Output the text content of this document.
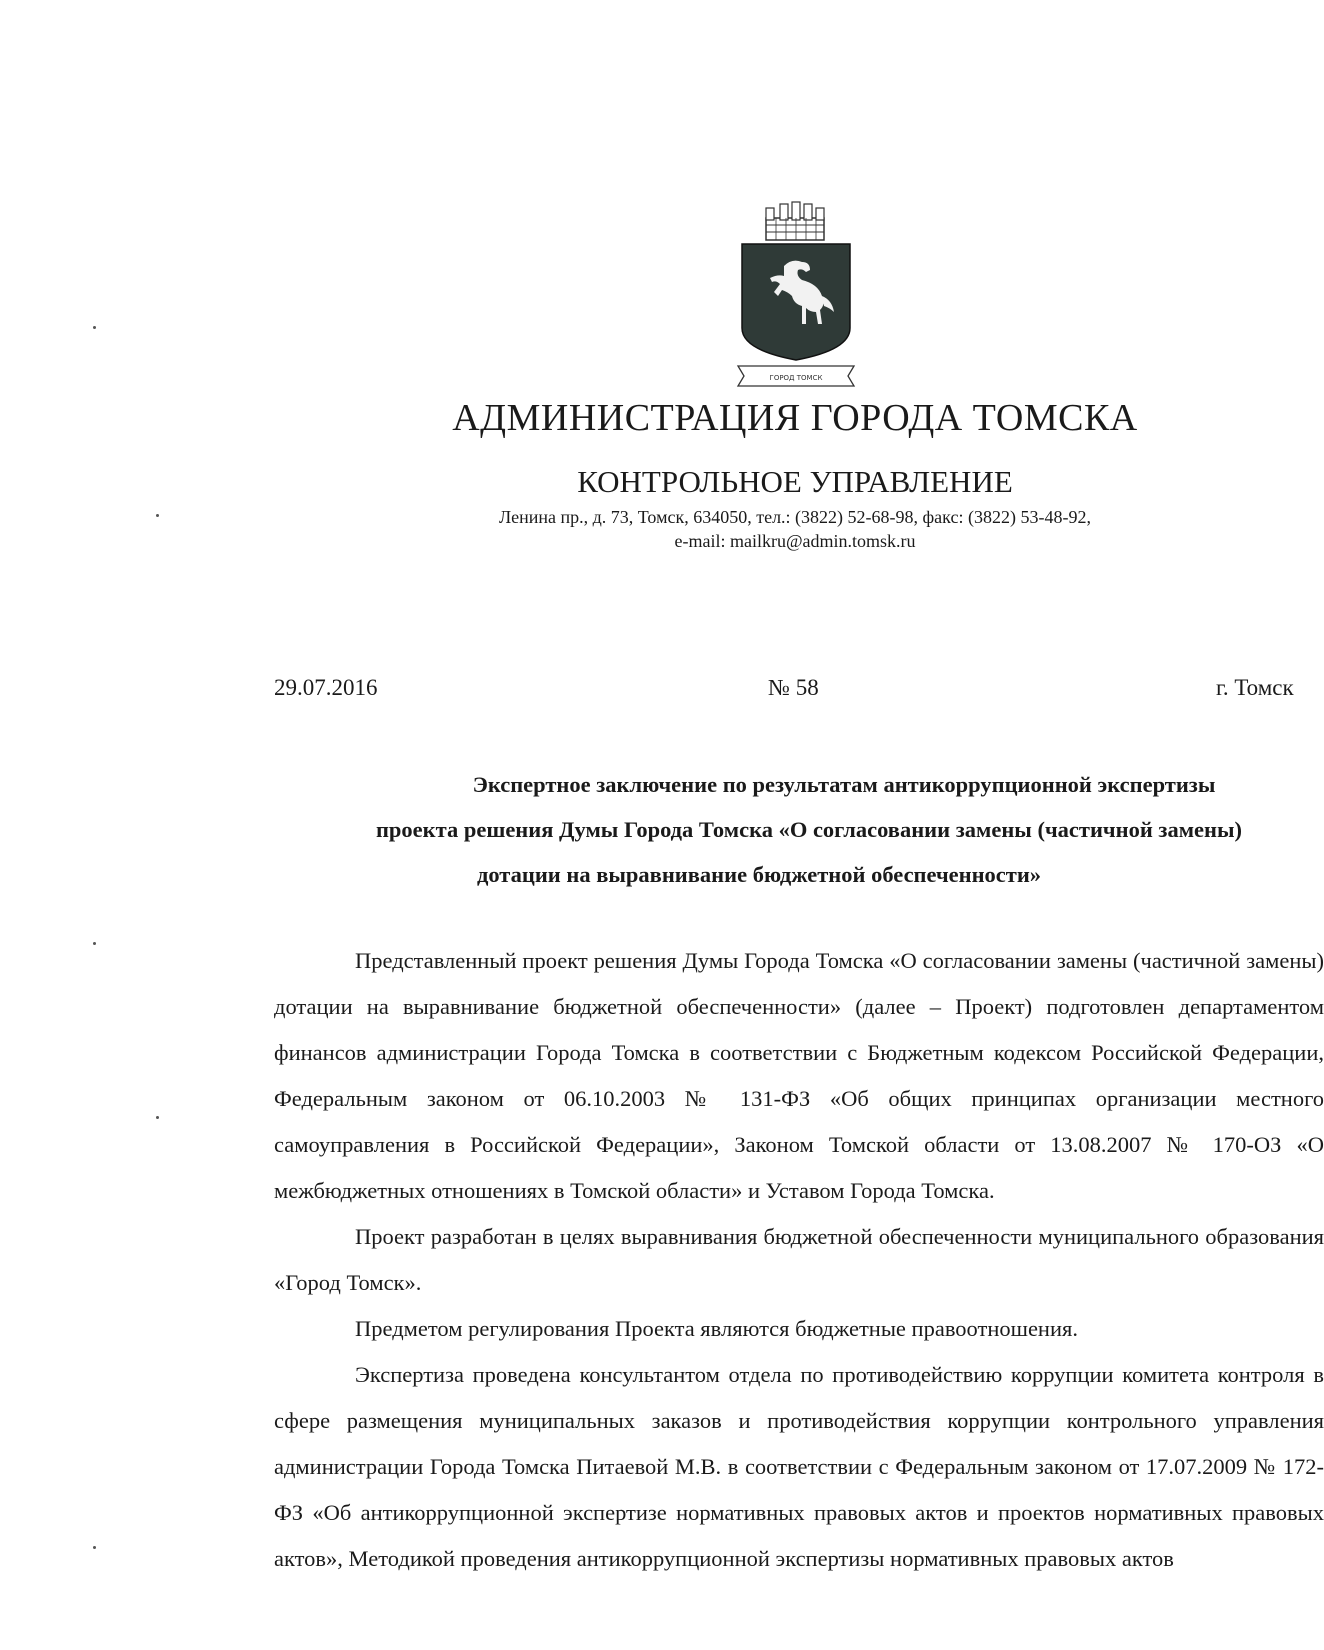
ГОРОД ТОМСК
АДМИНИСТРАЦИЯ ГОРОДА ТОМСКА
КОНТРОЛЬНОЕ УПРАВЛЕНИЕ
Ленина пр., д. 73, Томск, 634050, тел.: (3822) 52-68-98, факс: (3822) 53-48-92,
e-mail: mailkru@admin.tomsk.ru
29.07.2016	№ 58	г. Томск
Экспертное заключение по результатам антикоррупционной экспертизы
проекта решения Думы Города Томска «О согласовании замены (частичной замены)
дотации на выравнивание бюджетной обеспеченности»

Представленный проект решения Думы Города Томска «О согласовании замены (частичной замены) дотации на выравнивание бюджетной обеспеченности» (далее – Проект) подготовлен департаментом финансов администрации Города Томска в соответствии с Бюджетным кодексом Российской Федерации, Федеральным законом от 06.10.2003 № 131-ФЗ «Об общих принципах организации местного самоуправления в Российской Федерации», Законом Томской области от 13.08.2007 № 170-ОЗ «О межбюджетных отношениях в Томской области» и Уставом Города Томска.

Проект разработан в целях выравнивания бюджетной обеспеченности муниципального образования «Город Томск».

Предметом регулирования Проекта являются бюджетные правоотношения.

Экспертиза проведена консультантом отдела по противодействию коррупции комитета контроля в сфере размещения муниципальных заказов и противодействия коррупции контрольного управления администрации Города Томска Питаевой М.В. в соответствии с Федеральным законом от 17.07.2009 № 172-ФЗ «Об антикоррупционной экспертизе нормативных правовых актов и проектов нормативных правовых актов», Методикой проведения антикоррупционной экспертизы нормативных правовых актов
